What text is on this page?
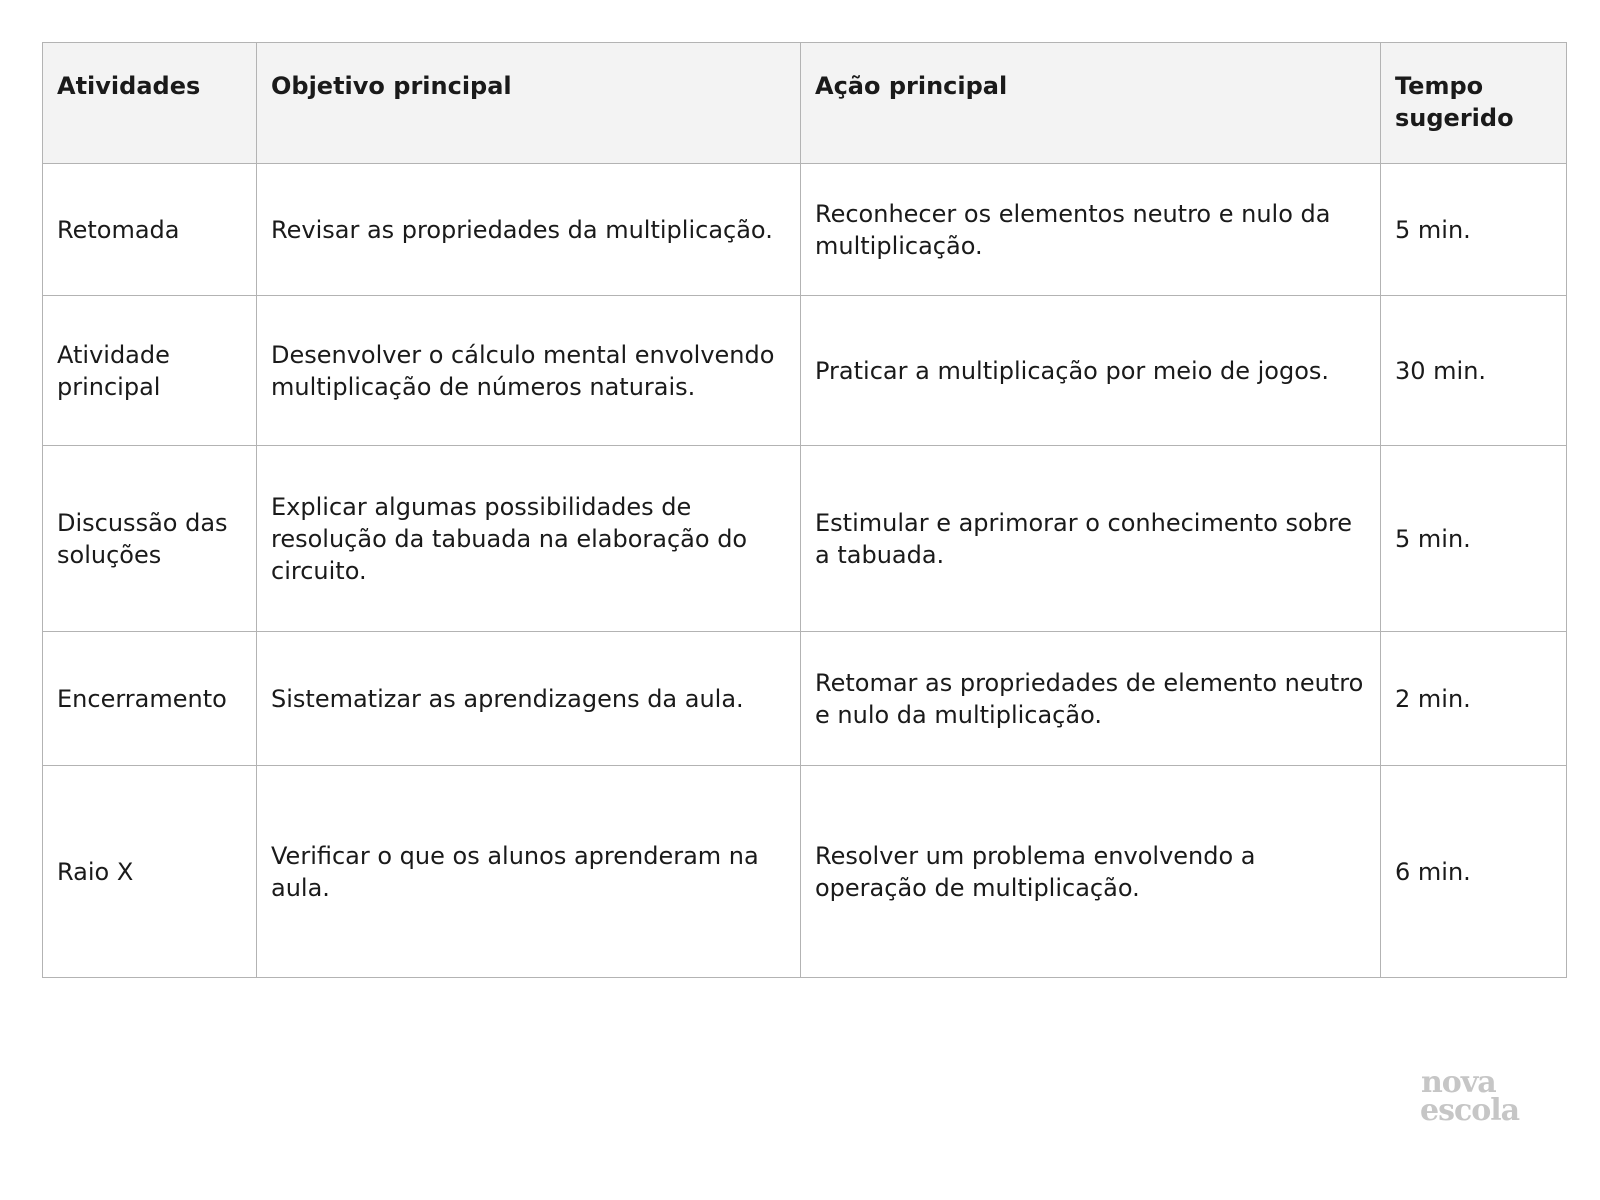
Atividades	Objetivo principal	Ação principal	Tempo sugerido
Retomada	Revisar as propriedades da multiplicação.	Reconhecer os elementos neutro e nulo da multiplicação.	5 min.
Atividade principal	Desenvolver o cálculo mental envolvendo multiplicação de números naturais.	Praticar a multiplicação por meio de jogos.	30 min.
Discussão das soluções	Explicar algumas possibilidades de resolução da tabuada na elaboração do circuito.	Estimular e aprimorar o conhecimento sobre a tabuada.	5 min.
Encerramento	Sistematizar as aprendizagens da aula.	Retomar as propriedades de elemento neutro e nulo da multiplicação.	2 min.
Raio X	Verificar o que os alunos aprenderam na aula.	Resolver um problema envolvendo a operação de multiplicação.	6 min.
nova
escola
